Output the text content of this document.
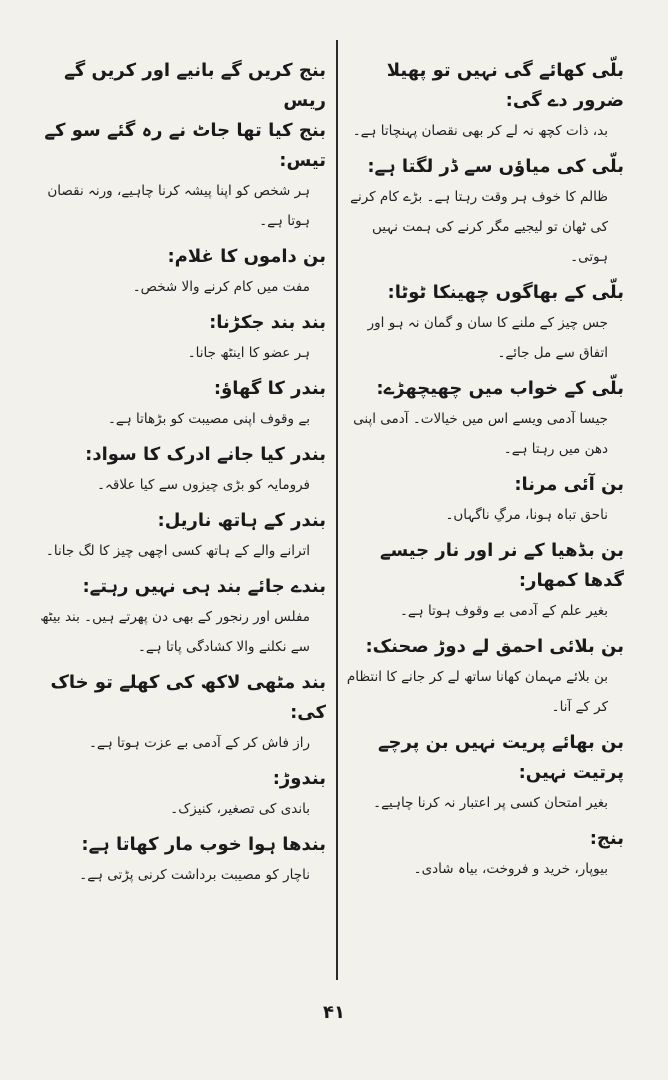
بلّی کھائے گی نہیں تو پھیلا ضرور دے گی:

بد، ذات کچھ نہ لے کر بھی نقصان پہنچاتا ہے۔

بلّی کی میاؤں سے ڈر لگتا ہے:

ظالم کا خوف ہر وقت رہتا ہے۔ بڑے کام کرنے کی ٹھان تو لیجیے مگر کرنے کی ہمت نہیں ہوتی۔

بلّی کے بھاگوں چھینکا ٹوٹا:

جس چیز کے ملنے کا سان و گمان نہ ہو اور اتفاق سے مل جائے۔

بلّی کے خواب میں چھیچھڑے:

جیسا آدمی ویسے اس میں خیالات۔ آدمی اپنی دھن میں رہتا ہے۔

بن آئی مرنا:

ناحق تباہ ہونا، مرگِ ناگہاں۔

بن بڈھیا کے نر اور نار جیسے گدھا کمھار:

بغیر علم کے آدمی بے وقوف ہوتا ہے۔

بن بلائی احمق لے دوڑ صحنک:

بن بلائے مہمان کھانا ساتھ لے کر جانے کا انتظام کر کے آنا۔

بن بھائے پریت نہیں بن پرچے پرتیت نہیں:

بغیر امتحان کسی پر اعتبار نہ کرنا چاہیے۔

بنج:

بیوپار، خرید و فروخت، بیاہ شادی۔

بنج کریں گے بانیے اور کریں گے ریس

بنج کیا تھا جاٹ نے رہ گئے سو کے تیس:

ہر شخص کو اپنا پیشہ کرنا چاہیے، ورنہ نقصان ہوتا ہے۔

بن داموں کا غلام:

مفت میں کام کرنے والا شخص۔

بند بند جکڑنا:

ہر عضو کا اینٹھ جانا۔

بندر کا گھاؤ:

بے وقوف اپنی مصیبت کو بڑھاتا ہے۔

بندر کیا جانے ادرک کا سواد:

فرومایہ کو بڑی چیزوں سے کیا علاقہ۔

بندر کے ہاتھ ناریل:

اترانے والے کے ہاتھ کسی اچھی چیز کا لگ جانا۔

بندے جائے بند ہی نہیں رہتے:

مفلس اور رنجور کے بھی دن پھرتے ہیں۔ بند بیٹھ سے نکلنے والا کشادگی پاتا ہے۔

بند مٹھی لاکھ کی کھلے تو خاک کی:

راز فاش کر کے آدمی بے عزت ہوتا ہے۔

بندوڑ:

باندی کی تصغیر، کنیزک۔

بندھا ہوا خوب مار کھاتا ہے:

ناچار کو مصیبت برداشت کرنی پڑتی ہے۔

۴۱
